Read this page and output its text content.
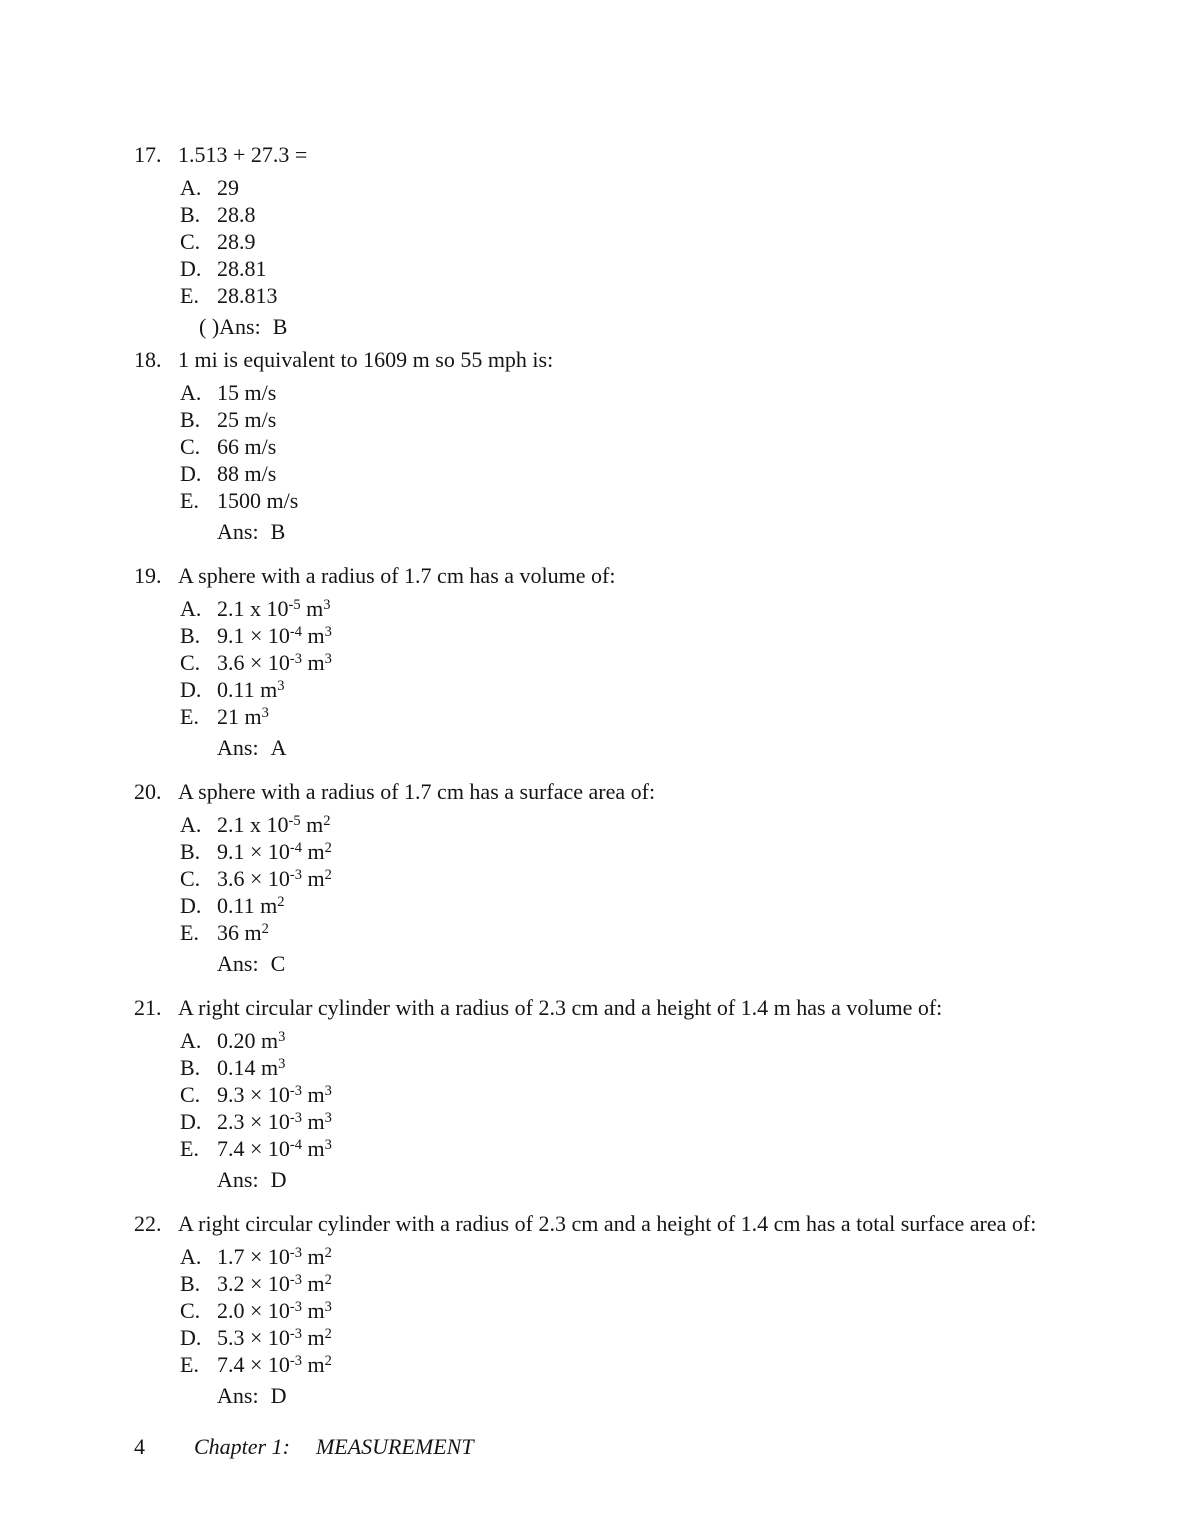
17. 1.513 + 27.3 =
A. 29
B. 28.8
C. 28.9
D. 28.81
E. 28.813
( )Ans: B
18. 1 mi is equivalent to 1609 m so 55 mph is:
A. 15 m/s
B. 25 m/s
C. 66 m/s
D. 88 m/s
E. 1500 m/s
Ans: B
19. A sphere with a radius of 1.7 cm has a volume of:
A. 2.1 x $10^{-5}$ $m^3$
B. $9.1 \times 10^{-4}$ $m^3$
C. $3.6 \times 10^{-3}$ $m^3$
D. 0.11 $m^3$
E. 21 $m^3$
Ans: A
20. A sphere with a radius of 1.7 cm has a surface area of:
A. 2.1 x $10^{-5}$ $m^2$
B. $9.1 \times 10^{-4}$ $m^2$
C. $3.6 \times 10^{-3}$ $m^2$
D. 0.11 $m^2$
E. 36 $m^2$
Ans: C
21. A right circular cylinder with a radius of 2.3 cm and a height of 1.4 m has a volume of:
A. 0.20 $m^3$
B. 0.14 $m^3$
C. $9.3 \times 10^{-3}$ $m^3$
D. $2.3 \times 10^{-3}$ $m^3$
E. $7.4 \times 10^{-4}$ $m^3$
Ans: D
22. A right circular cylinder with a radius of 2.3 cm and a height of 1.4 cm has a total surface area of:
A. $1.7 \times 10^{-3}$ $m^2$
B. $3.2 \times 10^{-3}$ $m^2$
C. $2.0 \times 10^{-3}$ $m^3$
D. $5.3 \times 10^{-3}$ $m^2$
E. $7.4 \times 10^{-3}$ $m^2$
Ans: D
4	Chapter 1: MEASUREMENT
